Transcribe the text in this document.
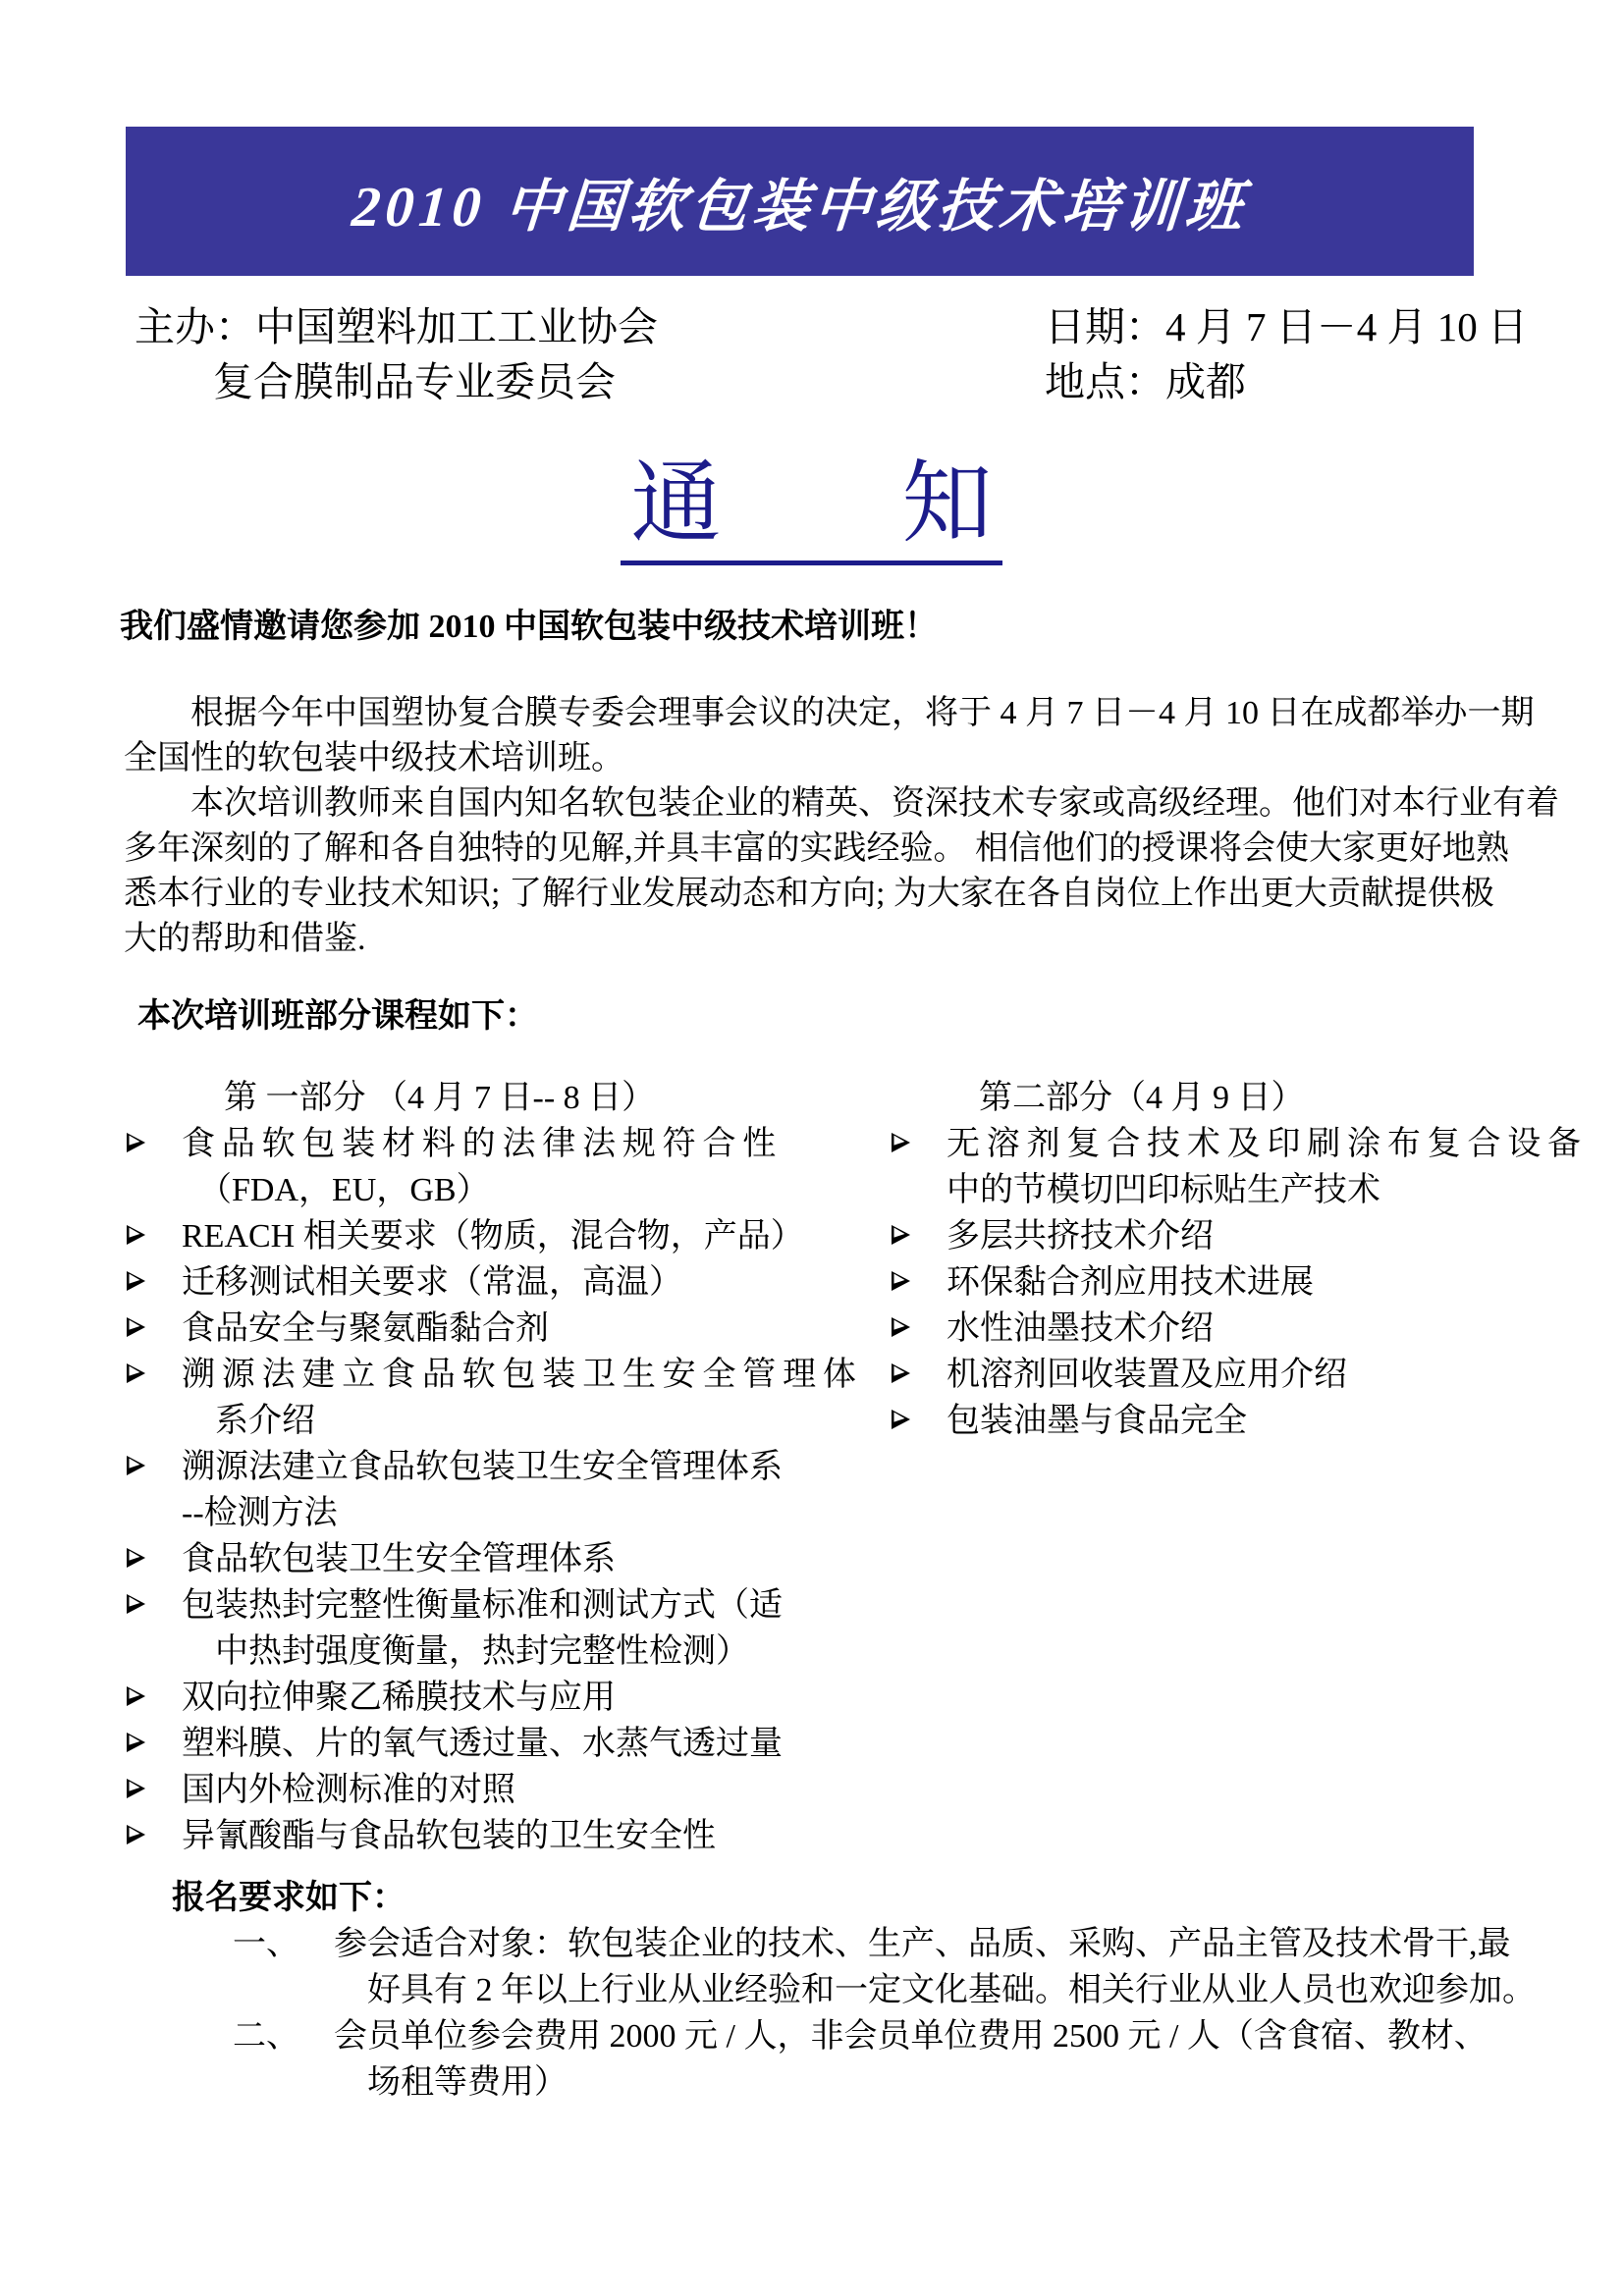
2010 中国软包装中级技术培训班
主办：中国塑料加工工业协会
复合膜制品专业委员会
日期：4 月 7 日－4 月 10 日
地点：成都
通　　知
我们盛情邀请您参加 2010 中国软包装中级技术培训班！
　　根据今年中国塑协复合膜专委会理事会议的决定，将于 4 月 7 日－4 月 10 日在成都举办一期
全国性的软包装中级技术培训班。
　　本次培训教师来自国内知名软包装企业的精英、资深技术专家或高级经理。他们对本行业有着
多年深刻的了解和各自独特的见解,并具丰富的实践经验。 相信他们的授课将会使大家更好地熟
悉本行业的专业技术知识; 了解行业发展动态和方向; 为大家在各自岗位上作出更大贡献提供极
大的帮助和借鉴.
本次培训班部分课程如下：
第 一部分 （4 月 7 日-- 8 日）
食 品 软 包 装 材 料 的 法 律 法 规 符 合 性
　（FDA，EU，GB）
REACH 相关要求（物质，混合物，产品）
迁移测试相关要求（常温，高温）
食品安全与聚氨酯黏合剂
溯 源 法 建 立 食 品 软 包 装 卫 生 安 全 管 理 体
　系介绍
溯源法建立食品软包装卫生安全管理体系
--检测方法
食品软包装卫生安全管理体系
包装热封完整性衡量标准和测试方式（适
　中热封强度衡量，热封完整性检测）
双向拉伸聚乙稀膜技术与应用
塑料膜、片的氧气透过量、水蒸气透过量
国内外检测标准的对照
异氰酸酯与食品软包装的卫生安全性
第二部分（4 月 9 日）
无 溶 剂 复 合 技 术 及 印 刷 涂 布 复 合 设 备
中的节模切凹印标贴生产技术
多层共挤技术介绍
环保黏合剂应用技术进展
水性油墨技术介绍
机溶剂回收装置及应用介绍
包装油墨与食品完全
报名要求如下：
一、	参会适合对象：软包装企业的技术、生产、品质、采购、产品主管及技术骨干,最
　好具有 2 年以上行业从业经验和一定文化基础。相关行业从业人员也欢迎参加。
二、	会员单位参会费用 2000 元 / 人，非会员单位费用 2500 元 / 人（含食宿、教材、
　场租等费用）
